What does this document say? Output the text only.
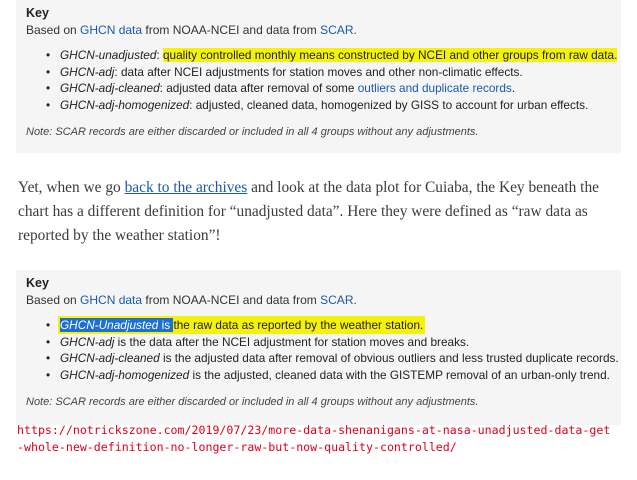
Key
Based on GHCN data from NOAA-NCEI and data from SCAR.
• GHCN-unadjusted: quality controlled monthly means constructed by NCEI and other groups from raw data.
• GHCN-adj: data after NCEI adjustments for station moves and other non-climatic effects.
• GHCN-adj-cleaned: adjusted data after removal of some outliers and duplicate records.
• GHCN-adj-homogenized: adjusted, cleaned data, homogenized by GISS to account for urban effects.
Note: SCAR records are either discarded or included in all 4 groups without any adjustments.
Yet, when we go back to the archives and look at the data plot for Cuiaba, the Key beneath the chart has a different definition for “unadjusted data”. Here they were defined as “raw data as reported by the weather station”!
Key
Based on GHCN data from NOAA-NCEI and data from SCAR.
• GHCN-Unadjusted is the raw data as reported by the weather station.
• GHCN-adj is the data after the NCEI adjustment for station moves and breaks.
• GHCN-adj-cleaned is the adjusted data after removal of obvious outliers and less trusted duplicate records.
• GHCN-adj-homogenized is the adjusted, cleaned data with the GISTEMP removal of an urban-only trend.
Note: SCAR records are either discarded or included in all 4 groups without any adjustments.
https://notrickszone.com/2019/07/23/more-data-shenanigans-at-nasa-unadjusted-data-get-whole-new-definition-no-longer-raw-but-now-quality-controlled/
